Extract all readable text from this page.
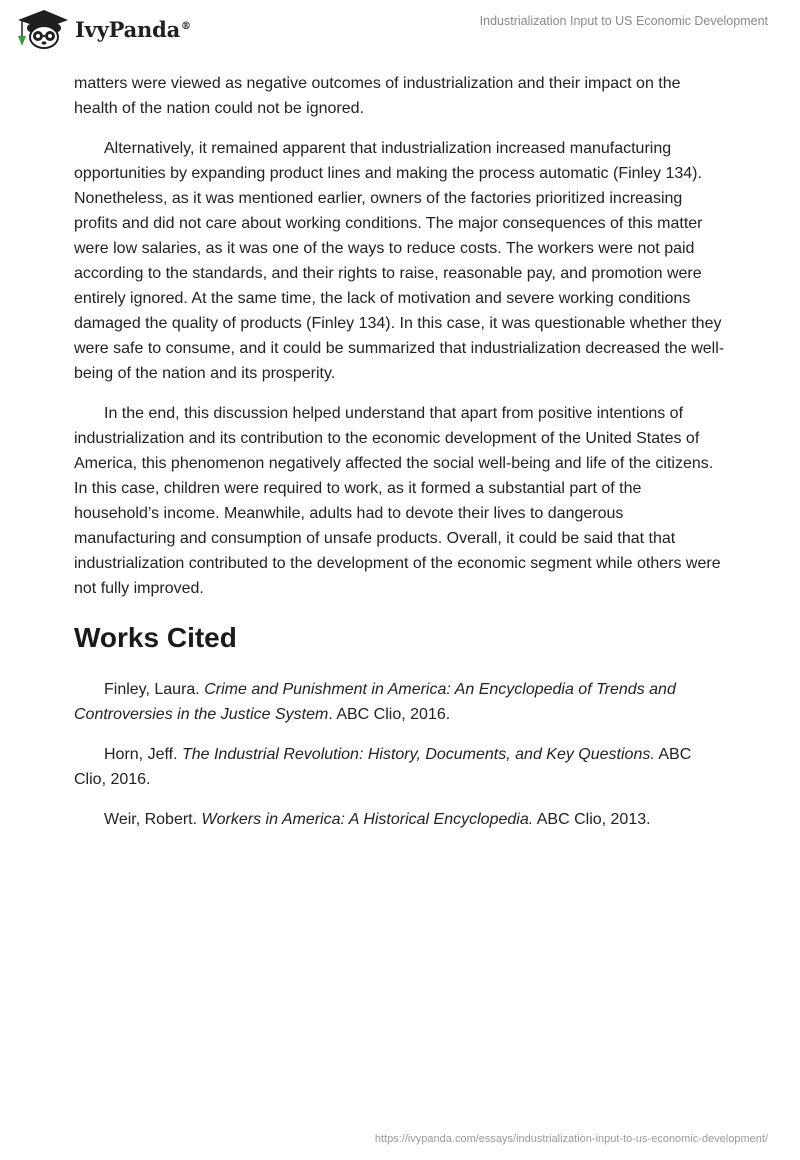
IvyPanda®	Industrialization Input to US Economic Development

matters were viewed as negative outcomes of industrialization and their impact on the health of the nation could not be ignored.

Alternatively, it remained apparent that industrialization increased manufacturing opportunities by expanding product lines and making the process automatic (Finley 134). Nonetheless, as it was mentioned earlier, owners of the factories prioritized increasing profits and did not care about working conditions. The major consequences of this matter were low salaries, as it was one of the ways to reduce costs. The workers were not paid according to the standards, and their rights to raise, reasonable pay, and promotion were entirely ignored. At the same time, the lack of motivation and severe working conditions damaged the quality of products (Finley 134). In this case, it was questionable whether they were safe to consume, and it could be summarized that industrialization decreased the well-being of the nation and its prosperity.

In the end, this discussion helped understand that apart from positive intentions of industrialization and its contribution to the economic development of the United States of America, this phenomenon negatively affected the social well-being and life of the citizens. In this case, children were required to work, as it formed a substantial part of the household’s income. Meanwhile, adults had to devote their lives to dangerous manufacturing and consumption of unsafe products. Overall, it could be said that that industrialization contributed to the development of the economic segment while others were not fully improved.

Works Cited

Finley, Laura. Crime and Punishment in America: An Encyclopedia of Trends and Controversies in the Justice System. ABC Clio, 2016.

Horn, Jeff. The Industrial Revolution: History, Documents, and Key Questions. ABC Clio, 2016.

Weir, Robert. Workers in America: A Historical Encyclopedia. ABC Clio, 2013.

https://ivypanda.com/essays/industrialization-input-to-us-economic-development/
